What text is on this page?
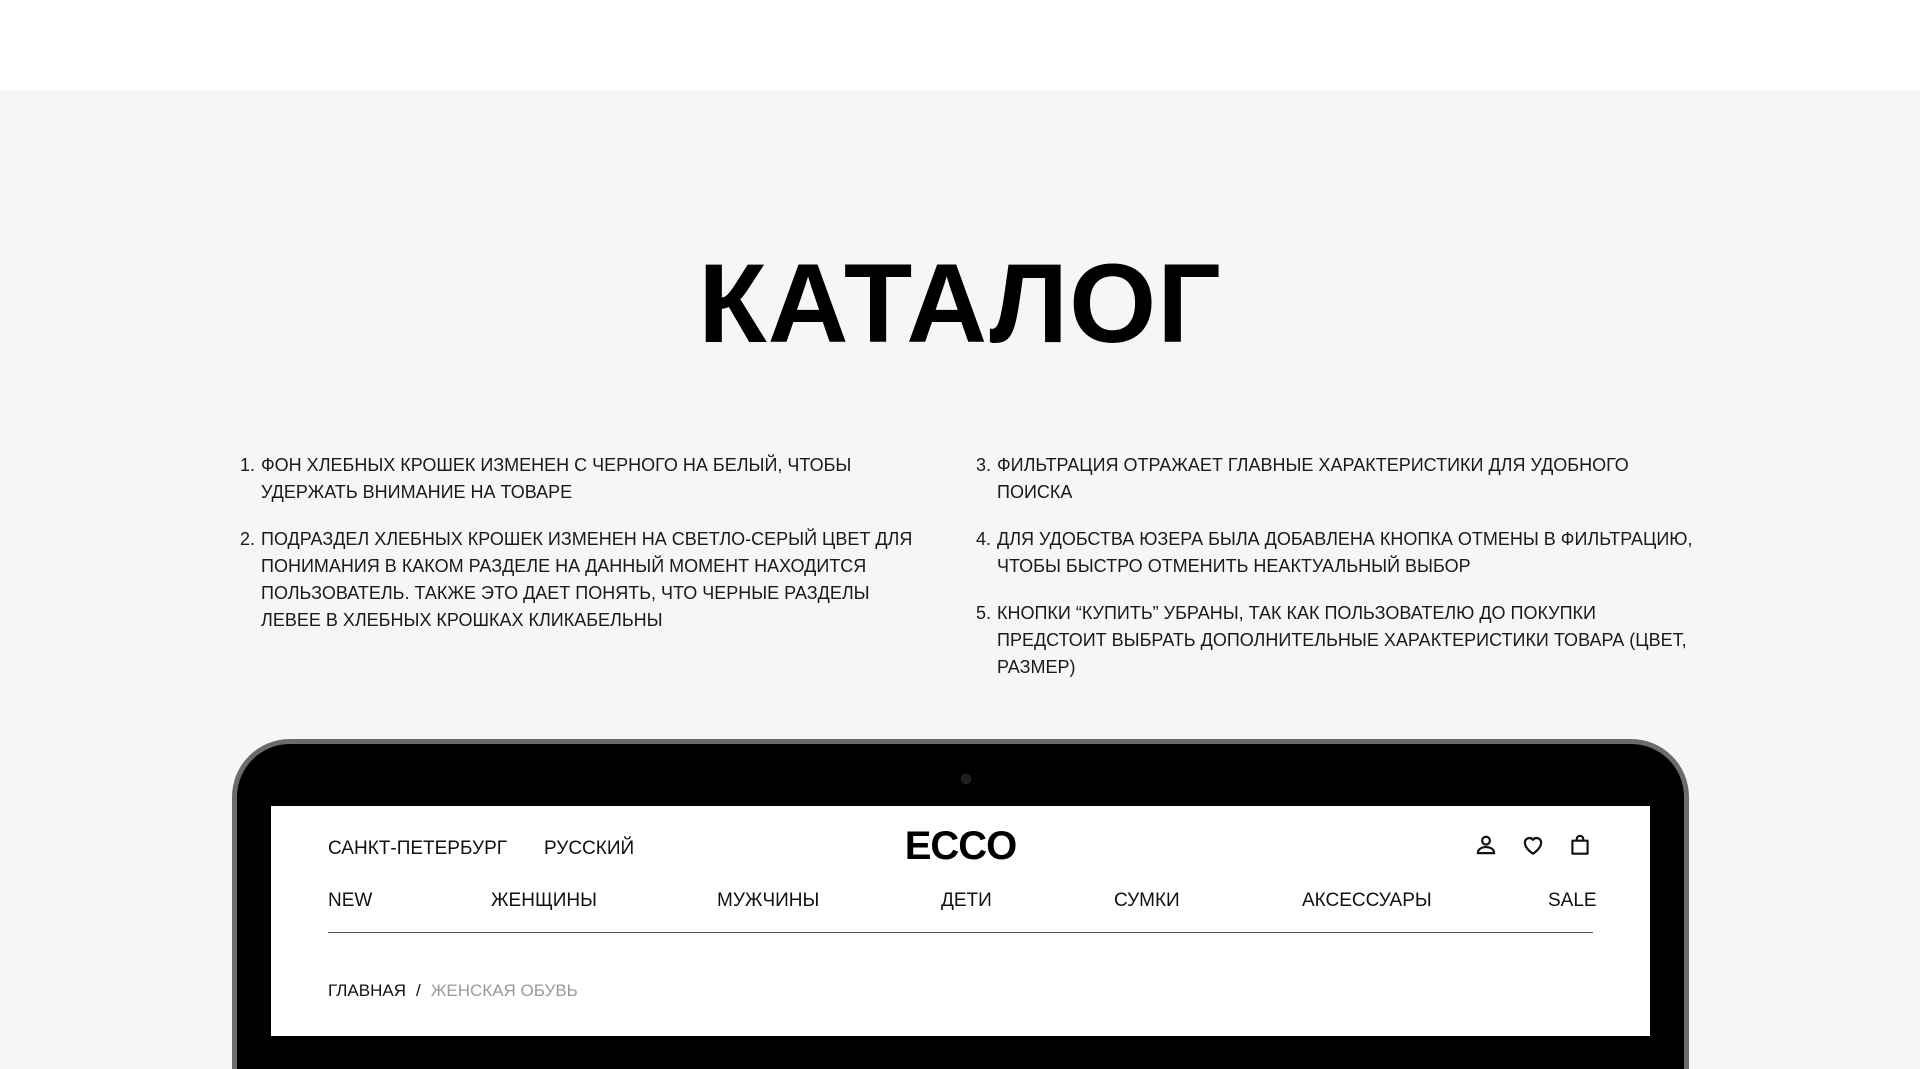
КАТАЛОГ
1. ФОН ХЛЕБНЫХ КРОШЕК ИЗМЕНЕН С ЧЕРНОГО НА БЕЛЫЙ, ЧТОБЫ УДЕРЖАТЬ ВНИМАНИЕ НА ТОВАРЕ
2. ПОДРАЗДЕЛ ХЛЕБНЫХ КРОШЕК ИЗМЕНЕН НА СВЕТЛО-СЕРЫЙ ЦВЕТ ДЛЯ ПОНИМАНИЯ В КАКОМ РАЗДЕЛЕ НА ДАННЫЙ МОМЕНТ НАХОДИТСЯ ПОЛЬЗОВАТЕЛЬ. ТАКЖЕ ЭТО ДАЕТ ПОНЯТЬ, ЧТО ЧЕРНЫЕ РАЗДЕЛЫ ЛЕВЕЕ В ХЛЕБНЫХ КРОШКАХ КЛИКАБЕЛЬНЫ
3. ФИЛЬТРАЦИЯ ОТРАЖАЕТ ГЛАВНЫЕ ХАРАКТЕРИСТИКИ ДЛЯ УДОБНОГО ПОИСКА
4. ДЛЯ УДОБСТВА ЮЗЕРА БЫЛА ДОБАВЛЕНА КНОПКА ОТМЕНЫ В ФИЛЬТРАЦИЮ, ЧТОБЫ БЫСТРО ОТМЕНИТЬ НЕАКТУАЛЬНЫЙ ВЫБОР
5. КНОПКИ “КУПИТЬ” УБРАНЫ, ТАК КАК ПОЛЬЗОВАТЕЛЮ ДО ПОКУПКИ ПРЕДСТОИТ ВЫБРАТЬ ДОПОЛНИТЕЛЬНЫЕ ХАРАКТЕРИСТИКИ ТОВАРА (ЦВЕТ, РАЗМЕР)
САНКТ-ПЕТЕРБУРГ РУССКИЙ	ECCO
NEW	ЖЕНЩИНЫ	МУЖЧИНЫ	ДЕТИ	СУМКИ	АКСЕССУАРЫ	SALE
ГЛАВНАЯ / ЖЕНСКАЯ ОБУВЬ
